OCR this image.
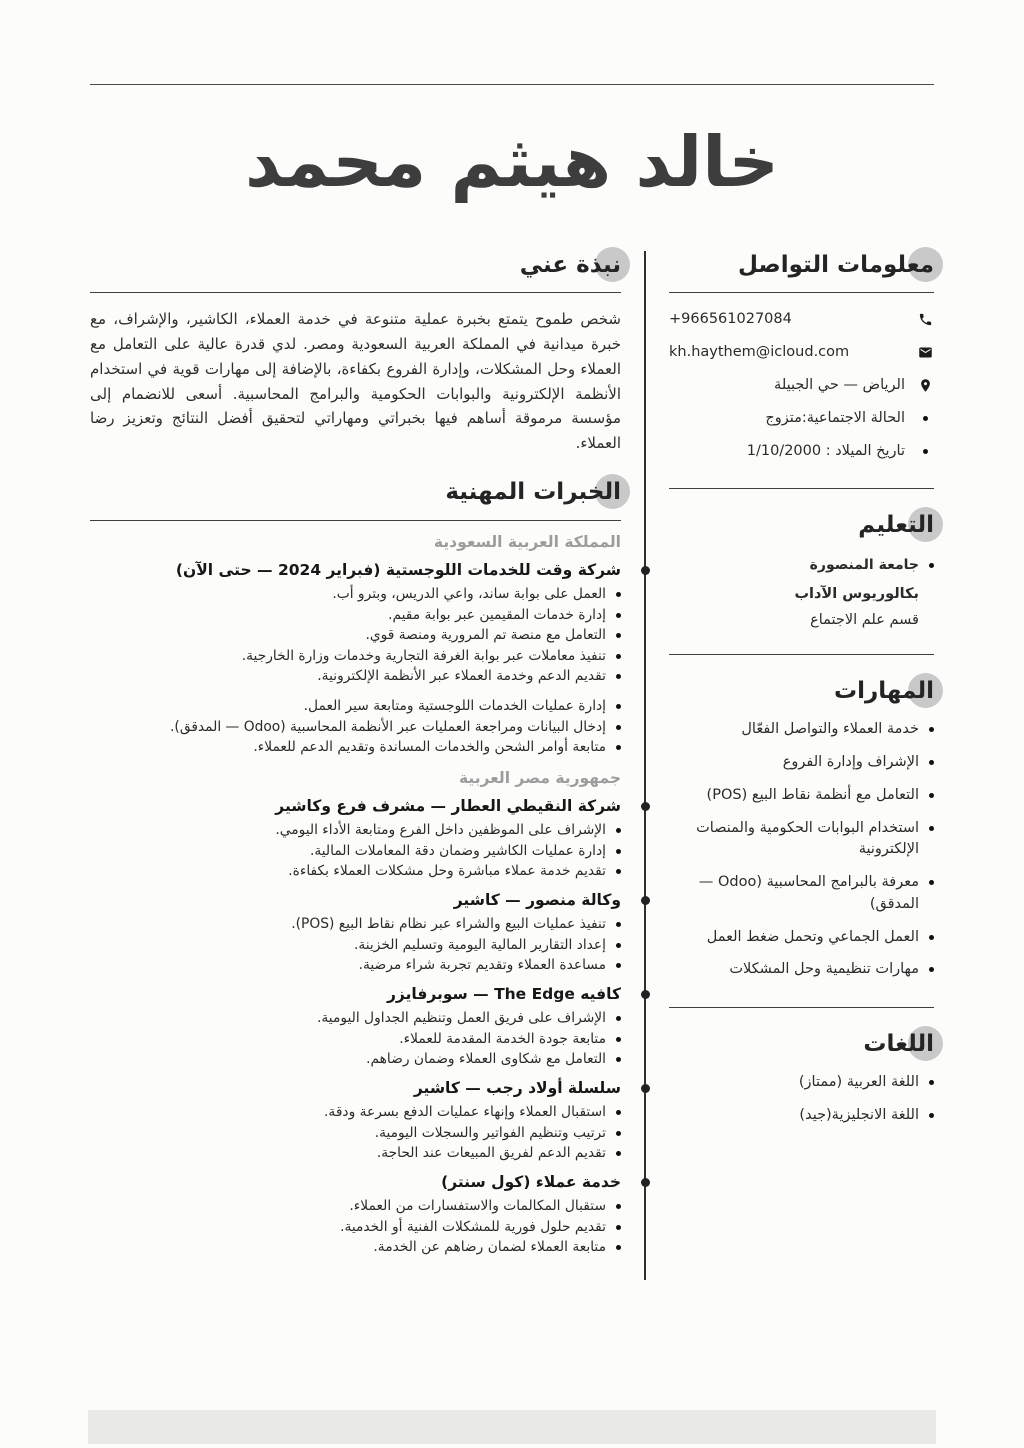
خالد هيثم محمد
معلومات التواصل
+966561027084
kh.haythem@icloud.com
الرياض — حي الجبيلة
الحالة الاجتماعية:متزوج
تاريخ الميلاد : 1/10/2000
التعليم
جامعة المنصورة
بكالوريوس الآداب
قسم علم الاجتماع
المهارات
خدمة العملاء والتواصل الفعّال
الإشراف وإدارة الفروع
التعامل مع أنظمة نقاط البيع (POS)
استخدام البوابات الحكومية والمنصات الإلكترونية
معرفة بالبرامج المحاسبية (Odoo — المدقق)
العمل الجماعي وتحمل ضغط العمل
مهارات تنظيمية وحل المشكلات
اللغات
اللغة العربية (ممتاز)
اللغة الانجليزية(جيد)
نبذة عني

شخص طموح يتمتع بخبرة عملية متنوعة في خدمة العملاء، الكاشير، والإشراف، مع خبرة ميدانية في المملكة العربية السعودية ومصر. لدي قدرة عالية على التعامل مع العملاء وحل المشكلات، وإدارة الفروع بكفاءة، بالإضافة إلى مهارات قوية في استخدام الأنظمة الإلكترونية والبوابات الحكومية والبرامج المحاسبية. أسعى للانضمام إلى مؤسسة مرموقة أساهم فيها بخبراتي ومهاراتي لتحقيق أفضل النتائج وتعزيز رضا العملاء.

الخبرات المهنية
المملكة العربية السعودية
شركة وقت للخدمات اللوجستية (فبراير 2024 — حتى الآن)
العمل على بوابة ساند، واعي الدريس، وبترو أب.
إدارة خدمات المقيمين عبر بوابة مقيم.
التعامل مع منصة تم المرورية ومنصة قوي.
تنفيذ معاملات عبر بوابة الغرفة التجارية وخدمات وزارة الخارجية.
تقديم الدعم وخدمة العملاء عبر الأنظمة الإلكترونية.
إدارة عمليات الخدمات اللوجستية ومتابعة سير العمل.
إدخال البيانات ومراجعة العمليات عبر الأنظمة المحاسبية (Odoo — المدقق).
متابعة أوامر الشحن والخدمات المساندة وتقديم الدعم للعملاء.
جمهورية مصر العربية
شركة النقيطي العطار — مشرف فرع وكاشير
الإشراف على الموظفين داخل الفرع ومتابعة الأداء اليومي.
إدارة عمليات الكاشير وضمان دقة المعاملات المالية.
تقديم خدمة عملاء مباشرة وحل مشكلات العملاء بكفاءة.
وكالة منصور — كاشير
تنفيذ عمليات البيع والشراء عبر نظام نقاط البيع (POS).
إعداد التقارير المالية اليومية وتسليم الخزينة.
مساعدة العملاء وتقديم تجربة شراء مرضية.
كافيه The Edge — سوبرفايزر
الإشراف على فريق العمل وتنظيم الجداول اليومية.
متابعة جودة الخدمة المقدمة للعملاء.
التعامل مع شكاوى العملاء وضمان رضاهم.
سلسلة أولاد رجب — كاشير
استقبال العملاء وإنهاء عمليات الدفع بسرعة ودقة.
ترتيب وتنظيم الفواتير والسجلات اليومية.
تقديم الدعم لفريق المبيعات عند الحاجة.
خدمة عملاء (كول سنتر)
ستقبال المكالمات والاستفسارات من العملاء.
تقديم حلول فورية للمشكلات الفنية أو الخدمية.
متابعة العملاء لضمان رضاهم عن الخدمة.
